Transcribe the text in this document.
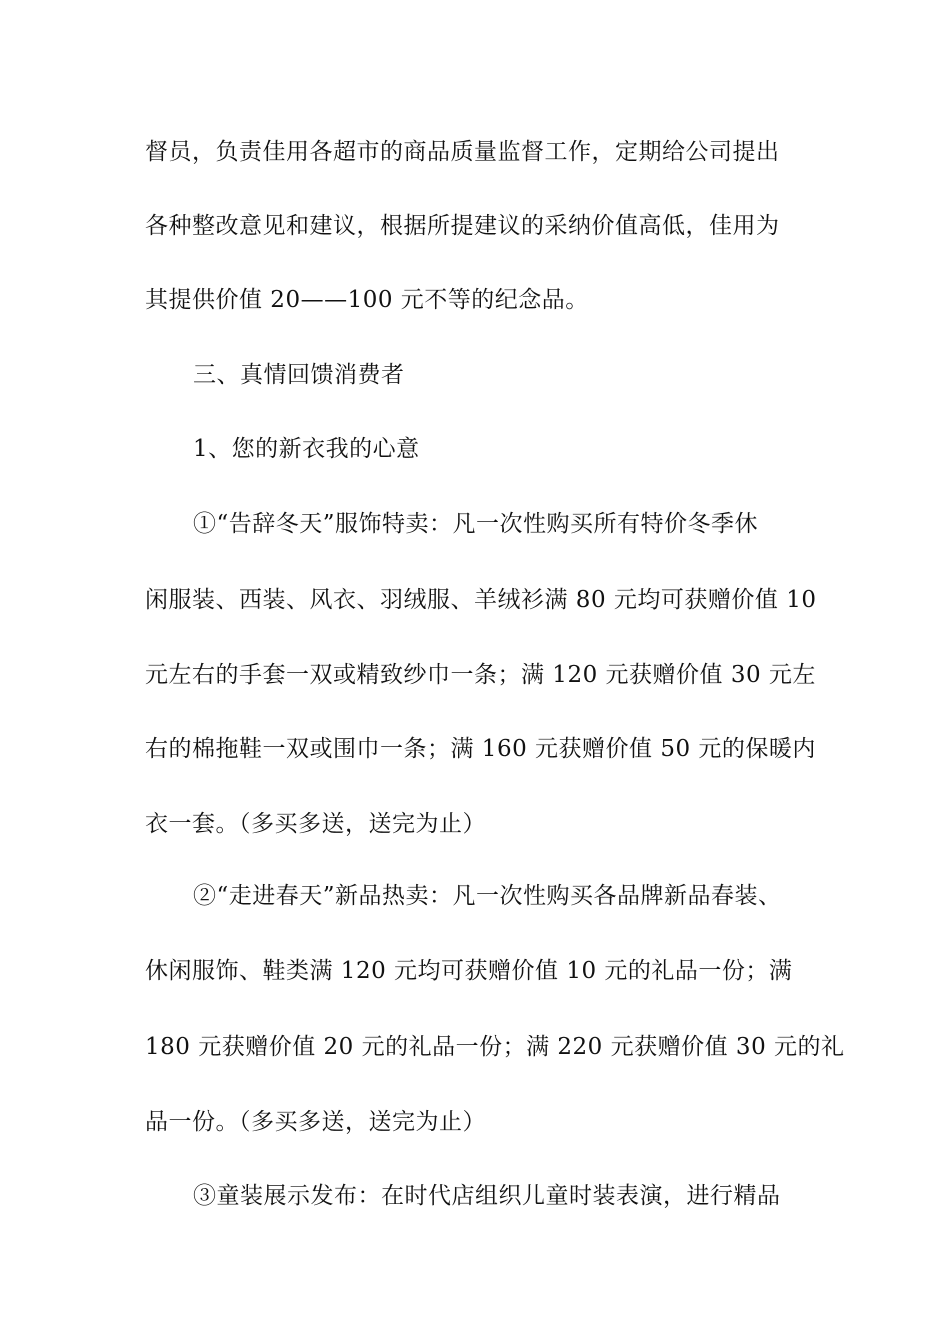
督员，负责佳用各超市的商品质量监督工作，定期给公司提出
各种整改意见和建议，根据所提建议的采纳价值高低，佳用为
其提供价值 20——100 元不等的纪念品。
三、真情回馈消费者
1、您的新衣我的心意
①“告辞冬天”服饰特卖：凡一次性购买所有特价冬季休
闲服装、西装、风衣、羽绒服、羊绒衫满 80 元均可获赠价值 10
元左右的手套一双或精致纱巾一条；满 120 元获赠价值 30 元左
右的棉拖鞋一双或围巾一条；满 160 元获赠价值 50 元的保暖内
衣一套。（多买多送，送完为止）
②“走进春天”新品热卖：凡一次性购买各品牌新品春装、
休闲服饰、鞋类满 120 元均可获赠价值 10 元的礼品一份；满
180 元获赠价值 20 元的礼品一份；满 220 元获赠价值 30 元的礼
品一份。（多买多送，送完为止）
③童装展示发布：在时代店组织儿童时装表演，进行精品
